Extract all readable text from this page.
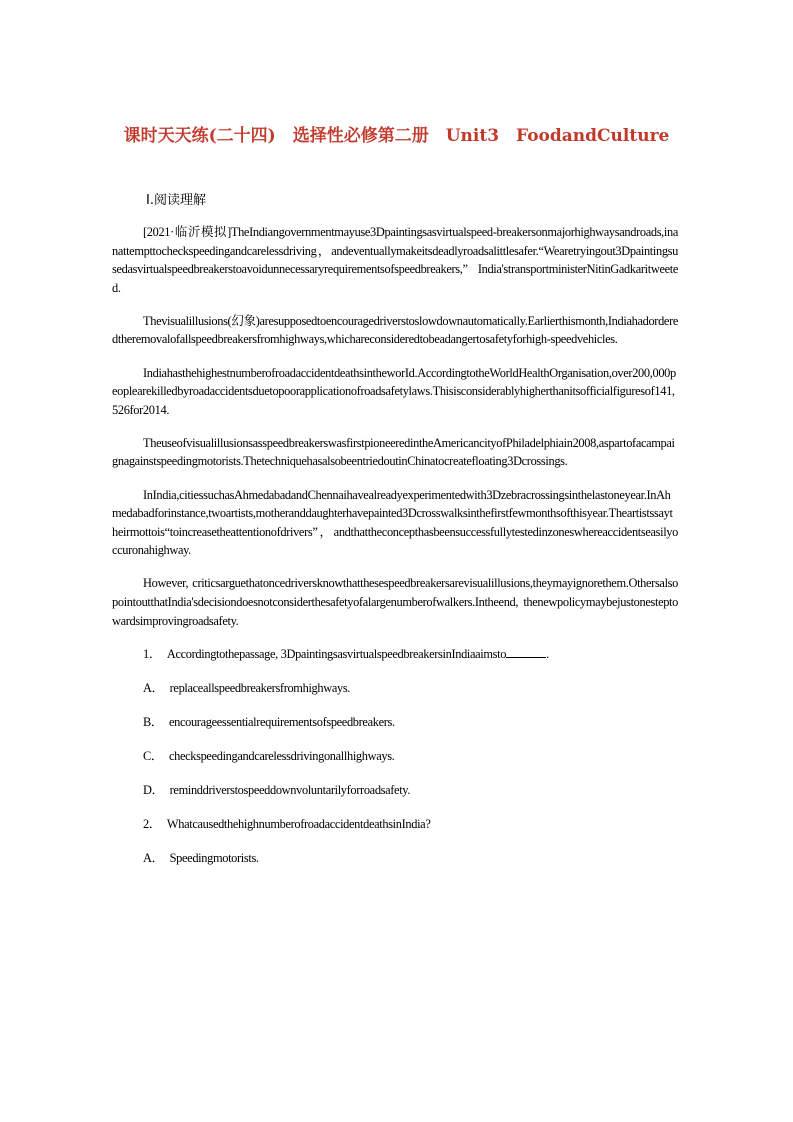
课时天天练(二十四)　选择性必修第二册　Unit3　FoodandCulture
Ⅰ.阅读理解

[2021·临沂模拟]TheIndiangovernmentmayuse3Dpaintingsasvirtualspeed-breakersonmajorhighwaysandroads,inanattempttocheckspeedingandcarelessdriving，andeventuallymakeitsdeadlyroadsalittlesafer.“Wearetryingout3Dpaintingsusedasvirtualspeedbreakerstoavoidunnecessaryrequirementsofspeedbreakers,” India'stransportministerNitinGadkaritweeted.

Thevisualillusions(幻象)aresupposedtoencouragedriverstoslowdownautomatically.Earlierthismonth,Indiahadorderedtheremovalofallspeedbreakersfromhighways,whichareconsideredtobeadangertosafetyforhigh-speedvehicles.

IndiahasthehighestnumberofroadaccidentdeathsintheworId.AccordingtotheWorldHealthOrganisation,over200,000peoplearekilledbyroadaccidentsduetopoorapplicationofroadsafetylaws.Thisisconsiderablyhigherthanitsofficialfiguresof141,526for2014.

TheuseofvisualillusionsasspeedbreakerswasfirstpioneeredintheAmericancityofPhiladelphiain2008,aspartofacampaignagainstspeedingmotorists.ThetechniquehasalsobeentriedoutinChinatocreatefloating3Dcrossings.

InIndia,citiessuchasAhmedabadandChennaihavealreadyexperimentedwith3Dzebracrossingsinthelastoneyear.InAhmedabadforinstance,twoartists,motheranddaughterhavepainted3Dcrosswalksinthefirstfewmonthsofthisyear.Theartistssaytheirmottois“toincreasetheattentionofdrivers”，andthattheconcepthasbeensuccessfullytestedinzoneswhereaccidentseasilyoccuronahighway.

However, criticsarguethatoncedriversknowthatthesespeedbreakersarevisualillusions,theymayignorethem.OthersalsopointoutthatIndia'sdecisiondoesnotconsiderthesafetyofalargenumberofwalkers.Intheend, thenewpolicymaybejustonesteptowardsimprovingroadsafety.

1． Accordingtothepassage, 3DpaintingsasvirtualspeedbreakersinIndiaaimsto	.
A． replaceallspeedbreakersfromhighways.
B． encourageessentialrequirementsofspeedbreakers.
C． checkspeedingandcarelessdrivingonallhighways.
D． reminddriverstospeeddownvoluntarilyforroadsafety.
2． WhatcausedthehighnumberofroadaccidentdeathsinIndia?
A． Speedingmotorists.
